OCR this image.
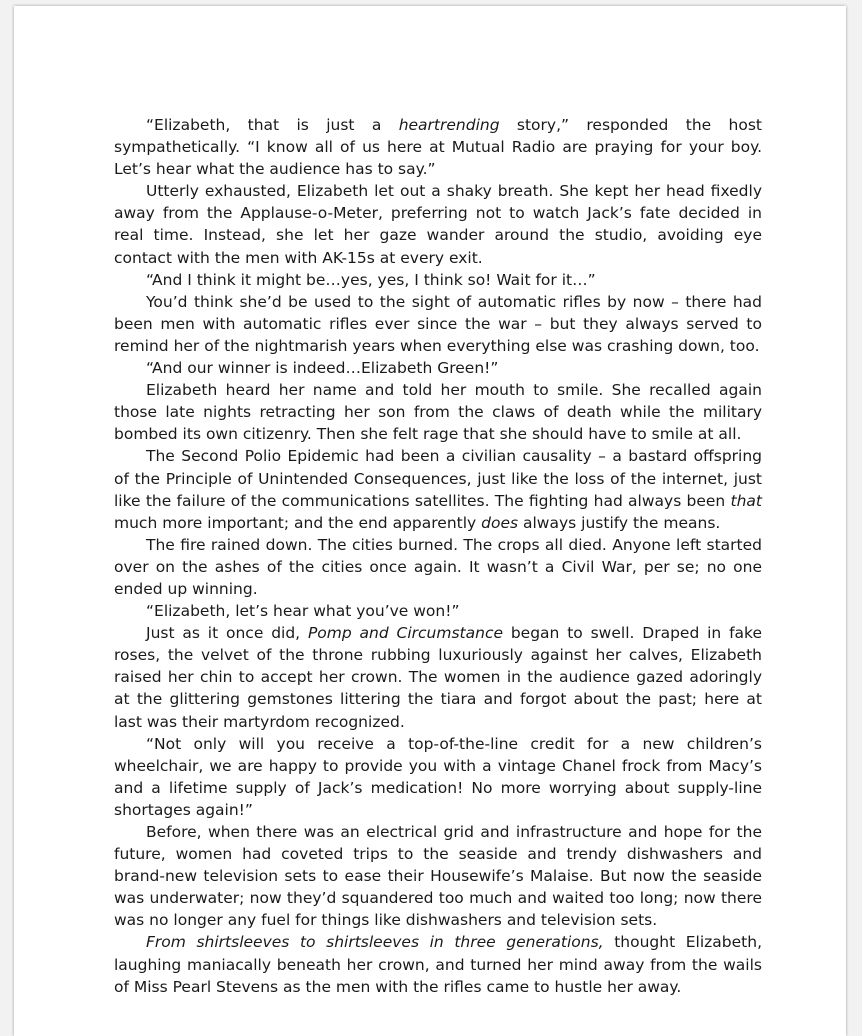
“Elizabeth, that is just a heartrending story,” responded the host sympathetically. “I know all of us here at Mutual Radio are praying for your boy. Let’s hear what the audience has to say.”

Utterly exhausted, Elizabeth let out a shaky breath. She kept her head fixedly away from the Applause-o-Meter, preferring not to watch Jack’s fate decided in real time. Instead, she let her gaze wander around the studio, avoiding eye contact with the men with AK-15s at every exit.

“And I think it might be…yes, yes, I think so! Wait for it…”

You’d think she’d be used to the sight of automatic rifles by now – there had been men with automatic rifles ever since the war – but they always served to remind her of the nightmarish years when everything else was crashing down, too.

“And our winner is indeed…Elizabeth Green!”

Elizabeth heard her name and told her mouth to smile. She recalled again those late nights retracting her son from the claws of death while the military bombed its own citizenry. Then she felt rage that she should have to smile at all.

The Second Polio Epidemic had been a civilian causality – a bastard offspring of the Principle of Unintended Consequences, just like the loss of the internet, just like the failure of the communications satellites. The fighting had always been that much more important; and the end apparently does always justify the means.

The fire rained down. The cities burned. The crops all died. Anyone left started over on the ashes of the cities once again. It wasn’t a Civil War, per se; no one ended up winning.

“Elizabeth, let’s hear what you’ve won!”

Just as it once did, Pomp and Circumstance began to swell. Draped in fake roses, the velvet of the throne rubbing luxuriously against her calves, Elizabeth raised her chin to accept her crown. The women in the audience gazed adoringly at the glittering gemstones littering the tiara and forgot about the past; here at last was their martyrdom recognized.

“Not only will you receive a top-of-the-line credit for a new children’s wheelchair, we are happy to provide you with a vintage Chanel frock from Macy’s and a lifetime supply of Jack’s medication! No more worrying about supply-line shortages again!”

Before, when there was an electrical grid and infrastructure and hope for the future, women had coveted trips to the seaside and trendy dishwashers and brand-new television sets to ease their Housewife’s Malaise. But now the seaside was underwater; now they’d squandered too much and waited too long; now there was no longer any fuel for things like dishwashers and television sets.

From shirtsleeves to shirtsleeves in three generations, thought Elizabeth, laughing maniacally beneath her crown, and turned her mind away from the wails of Miss Pearl Stevens as the men with the rifles came to hustle her away.
